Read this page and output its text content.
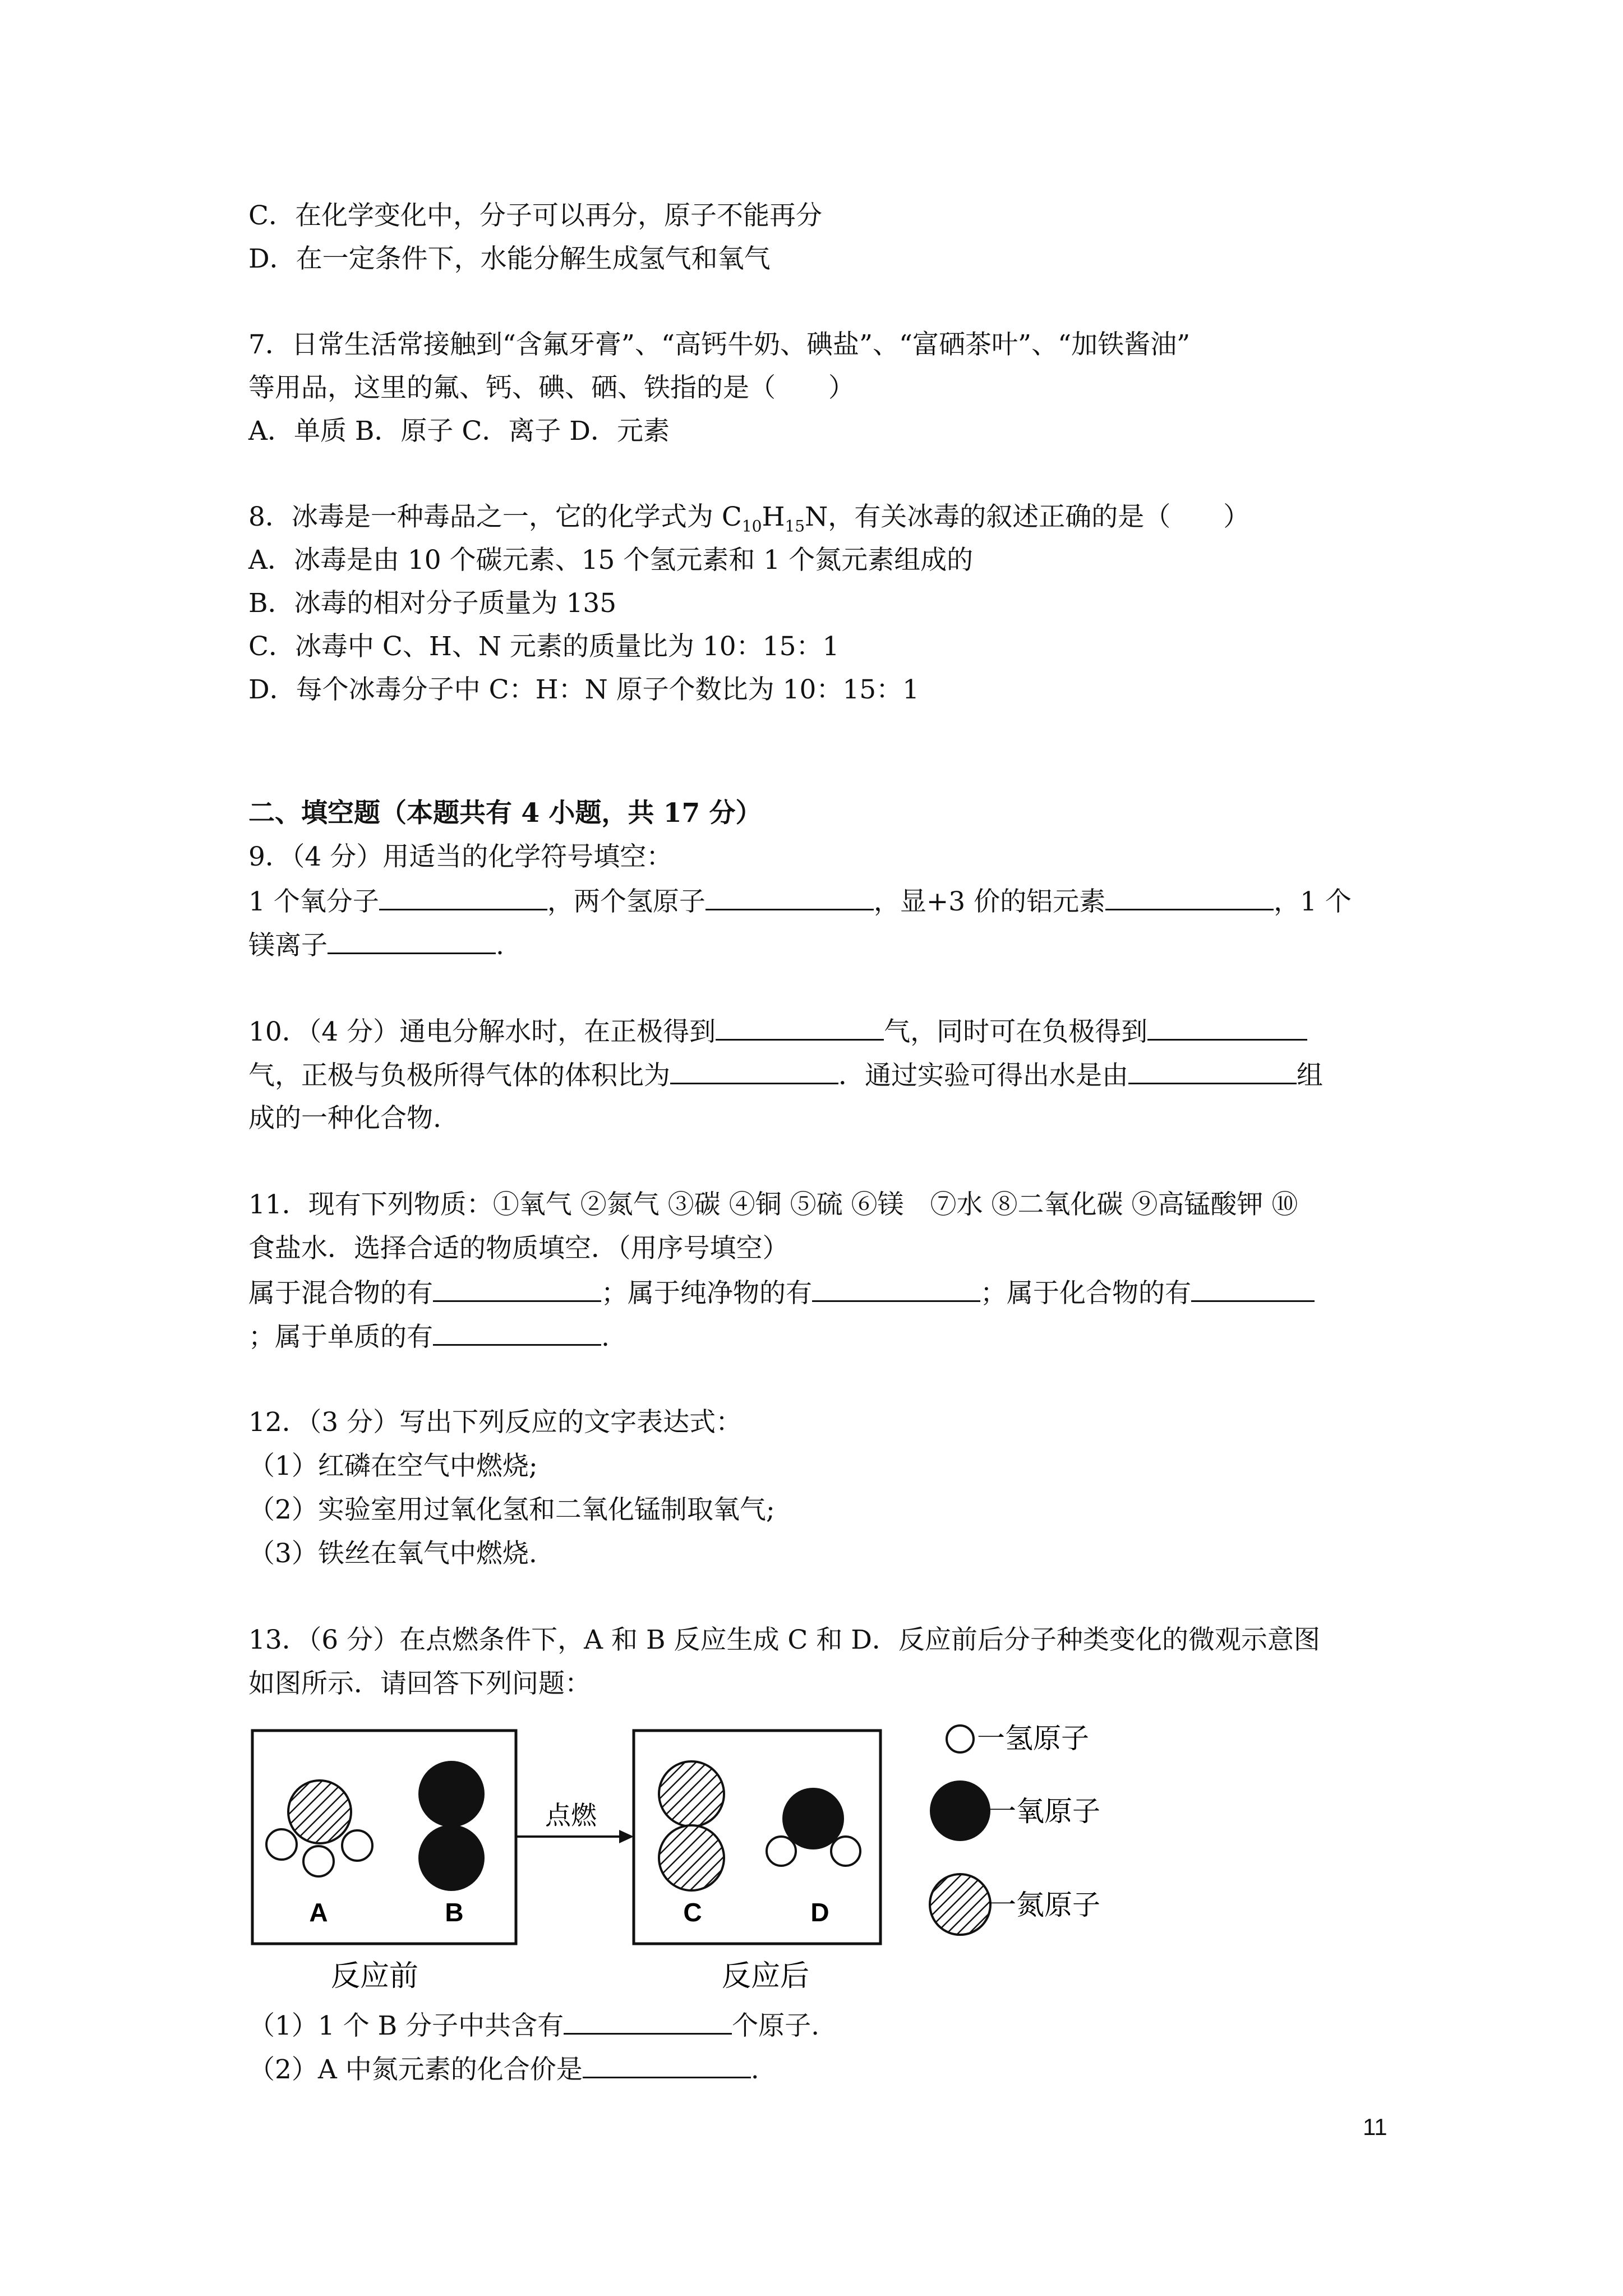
C．在化学变化中，分子可以再分，原子不能再分
D．在一定条件下，水能分解生成氢气和氧气
7．日常生活常接触到“含氟牙膏”、“高钙牛奶、碘盐”、“富硒茶叶”、“加铁酱油”
等用品，这里的氟、钙、碘、硒、铁指的是（　　）
A．单质 B．原子 C．离子 D．元素
8．冰毒是一种毒品之一，它的化学式为 $C_{10}H_{15}N$，有关冰毒的叙述正确的是（　　）
A．冰毒是由 10 个碳元素、15 个氢元素和 1 个氮元素组成的
B．冰毒的相对分子质量为 135
C．冰毒中 C、H、N 元素的质量比为 10：15：1
D．每个冰毒分子中 C：H：N 原子个数比为 10：15：1
二、填空题（本题共有 4 小题，共 17 分）
9．（4 分）用适当的化学符号填空：
1 个氧分子	，两个氢原子	，显+3 价的铝元素	，1 个
镁离子	.
10．（4 分）通电分解水时，在正极得到	气，同时可在负极得到
气，正极与负极所得气体的体积比为	．通过实验可得出水是由	组
成的一种化合物.
11．现有下列物质：①氧气 ②氮气 ③碳 ④铜 ⑤硫 ⑥镁　⑦水 ⑧二氧化碳 ⑨高锰酸钾 ⑩
食盐水．选择合适的物质填空．（用序号填空）
属于混合物的有	；属于纯净物的有	；属于化合物的有
；属于单质的有	.
12．（3 分）写出下列反应的文字表达式：
（1）红磷在空气中燃烧;
（2）实验室用过氧化氢和二氧化锰制取氧气;
（3）铁丝在氧气中燃烧.
13．（6 分）在点燃条件下，A 和 B 反应生成 C 和 D．反应前后分子种类变化的微观示意图
如图所示．请回答下列问题：
A	B
点燃
C	D
反应前	反应后
一氢原子
一氧原子
一氮原子
（1）1 个 B 分子中共含有	个原子.
（2）A 中氮元素的化合价是	.
11
